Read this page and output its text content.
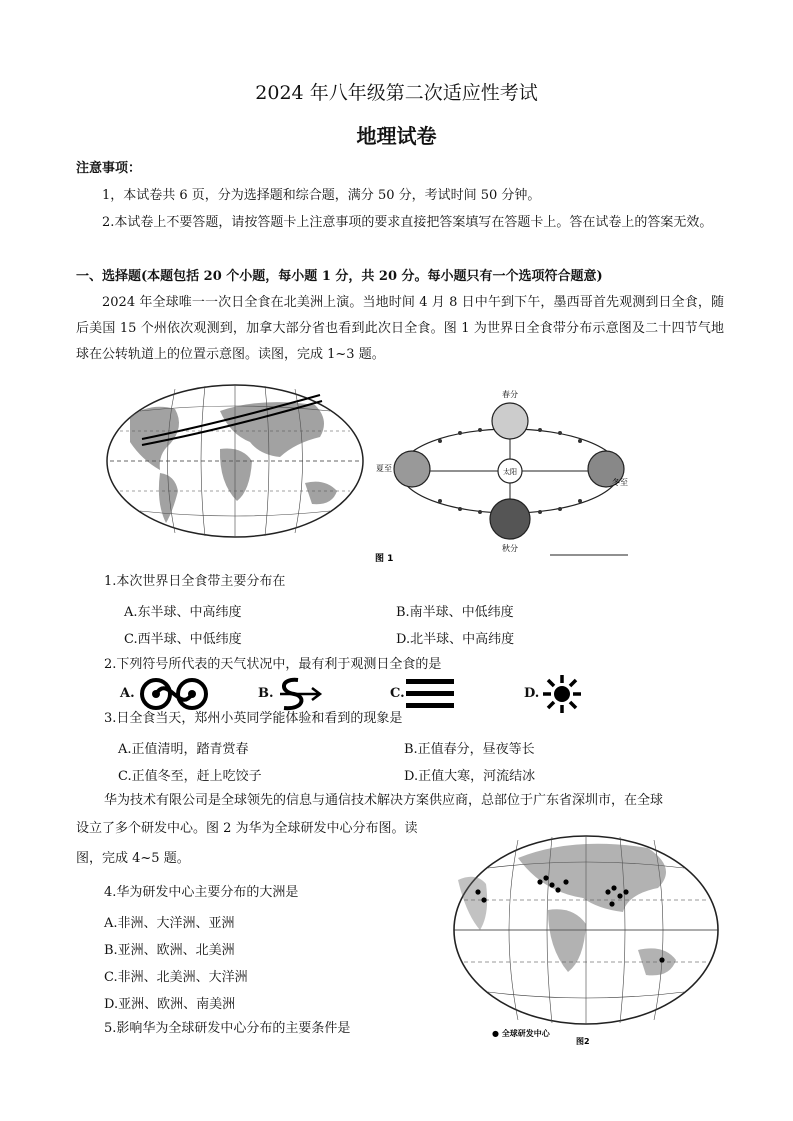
2024 年八年级第二次适应性考试
地理试卷
注意事项：
1，本试卷共 6 页，分为选择题和综合题，满分 50 分，考试时间 50 分钟。
2.本试卷上不要答题，请按答题卡上注意事项的要求直接把答案填写在答题卡上。答在试卷上的答案无效。
一、选择题(本题包括 20 个小题，每小题 1 分，共 20 分。每小题只有一个选项符合题意)
2024 年全球唯一一次日全食在北美洲上演。当地时间 4 月 8 日中午到下午，墨西哥首先观测到日全食，随后美国 15 个州依次观测到，加拿大部分省也看到此次日全食。图 1 为世界日全食带分布示意图及二十四节气地球在公转轨道上的位置示意图。读图，完成 1~3 题。
太阳
春分
秋分
夏至
冬至
图 1
1.本次世界日全食带主要分布在
A.东半球、中高纬度	B.南半球、中低纬度
C.西半球、中低纬度	D.北半球、中高纬度
2.下列符号所代表的天气状况中，最有利于观测日全食的是
A.	B.	C.	D.
3.日全食当天，郑州小英同学能体验和看到的现象是
A.正值清明，踏青赏春	B.正值春分，昼夜等长
C.正值冬至，赶上吃饺子	D.正值大寒，河流结冰
华为技术有限公司是全球领先的信息与通信技术解决方案供应商，总部位于广东省深圳市，在全球
设立了多个研发中心。图 2 为华为全球研发中心分布图。读
图，完成 4~5 题。
4.华为研发中心主要分布的大洲是
A.非洲、大洋洲、亚洲
B.亚洲、欧洲、北美洲
C.非洲、北美洲、大洋洲
D.亚洲、欧洲、南美洲
5.影响华为全球研发中心分布的主要条件是	● 全球研发中心
图2
